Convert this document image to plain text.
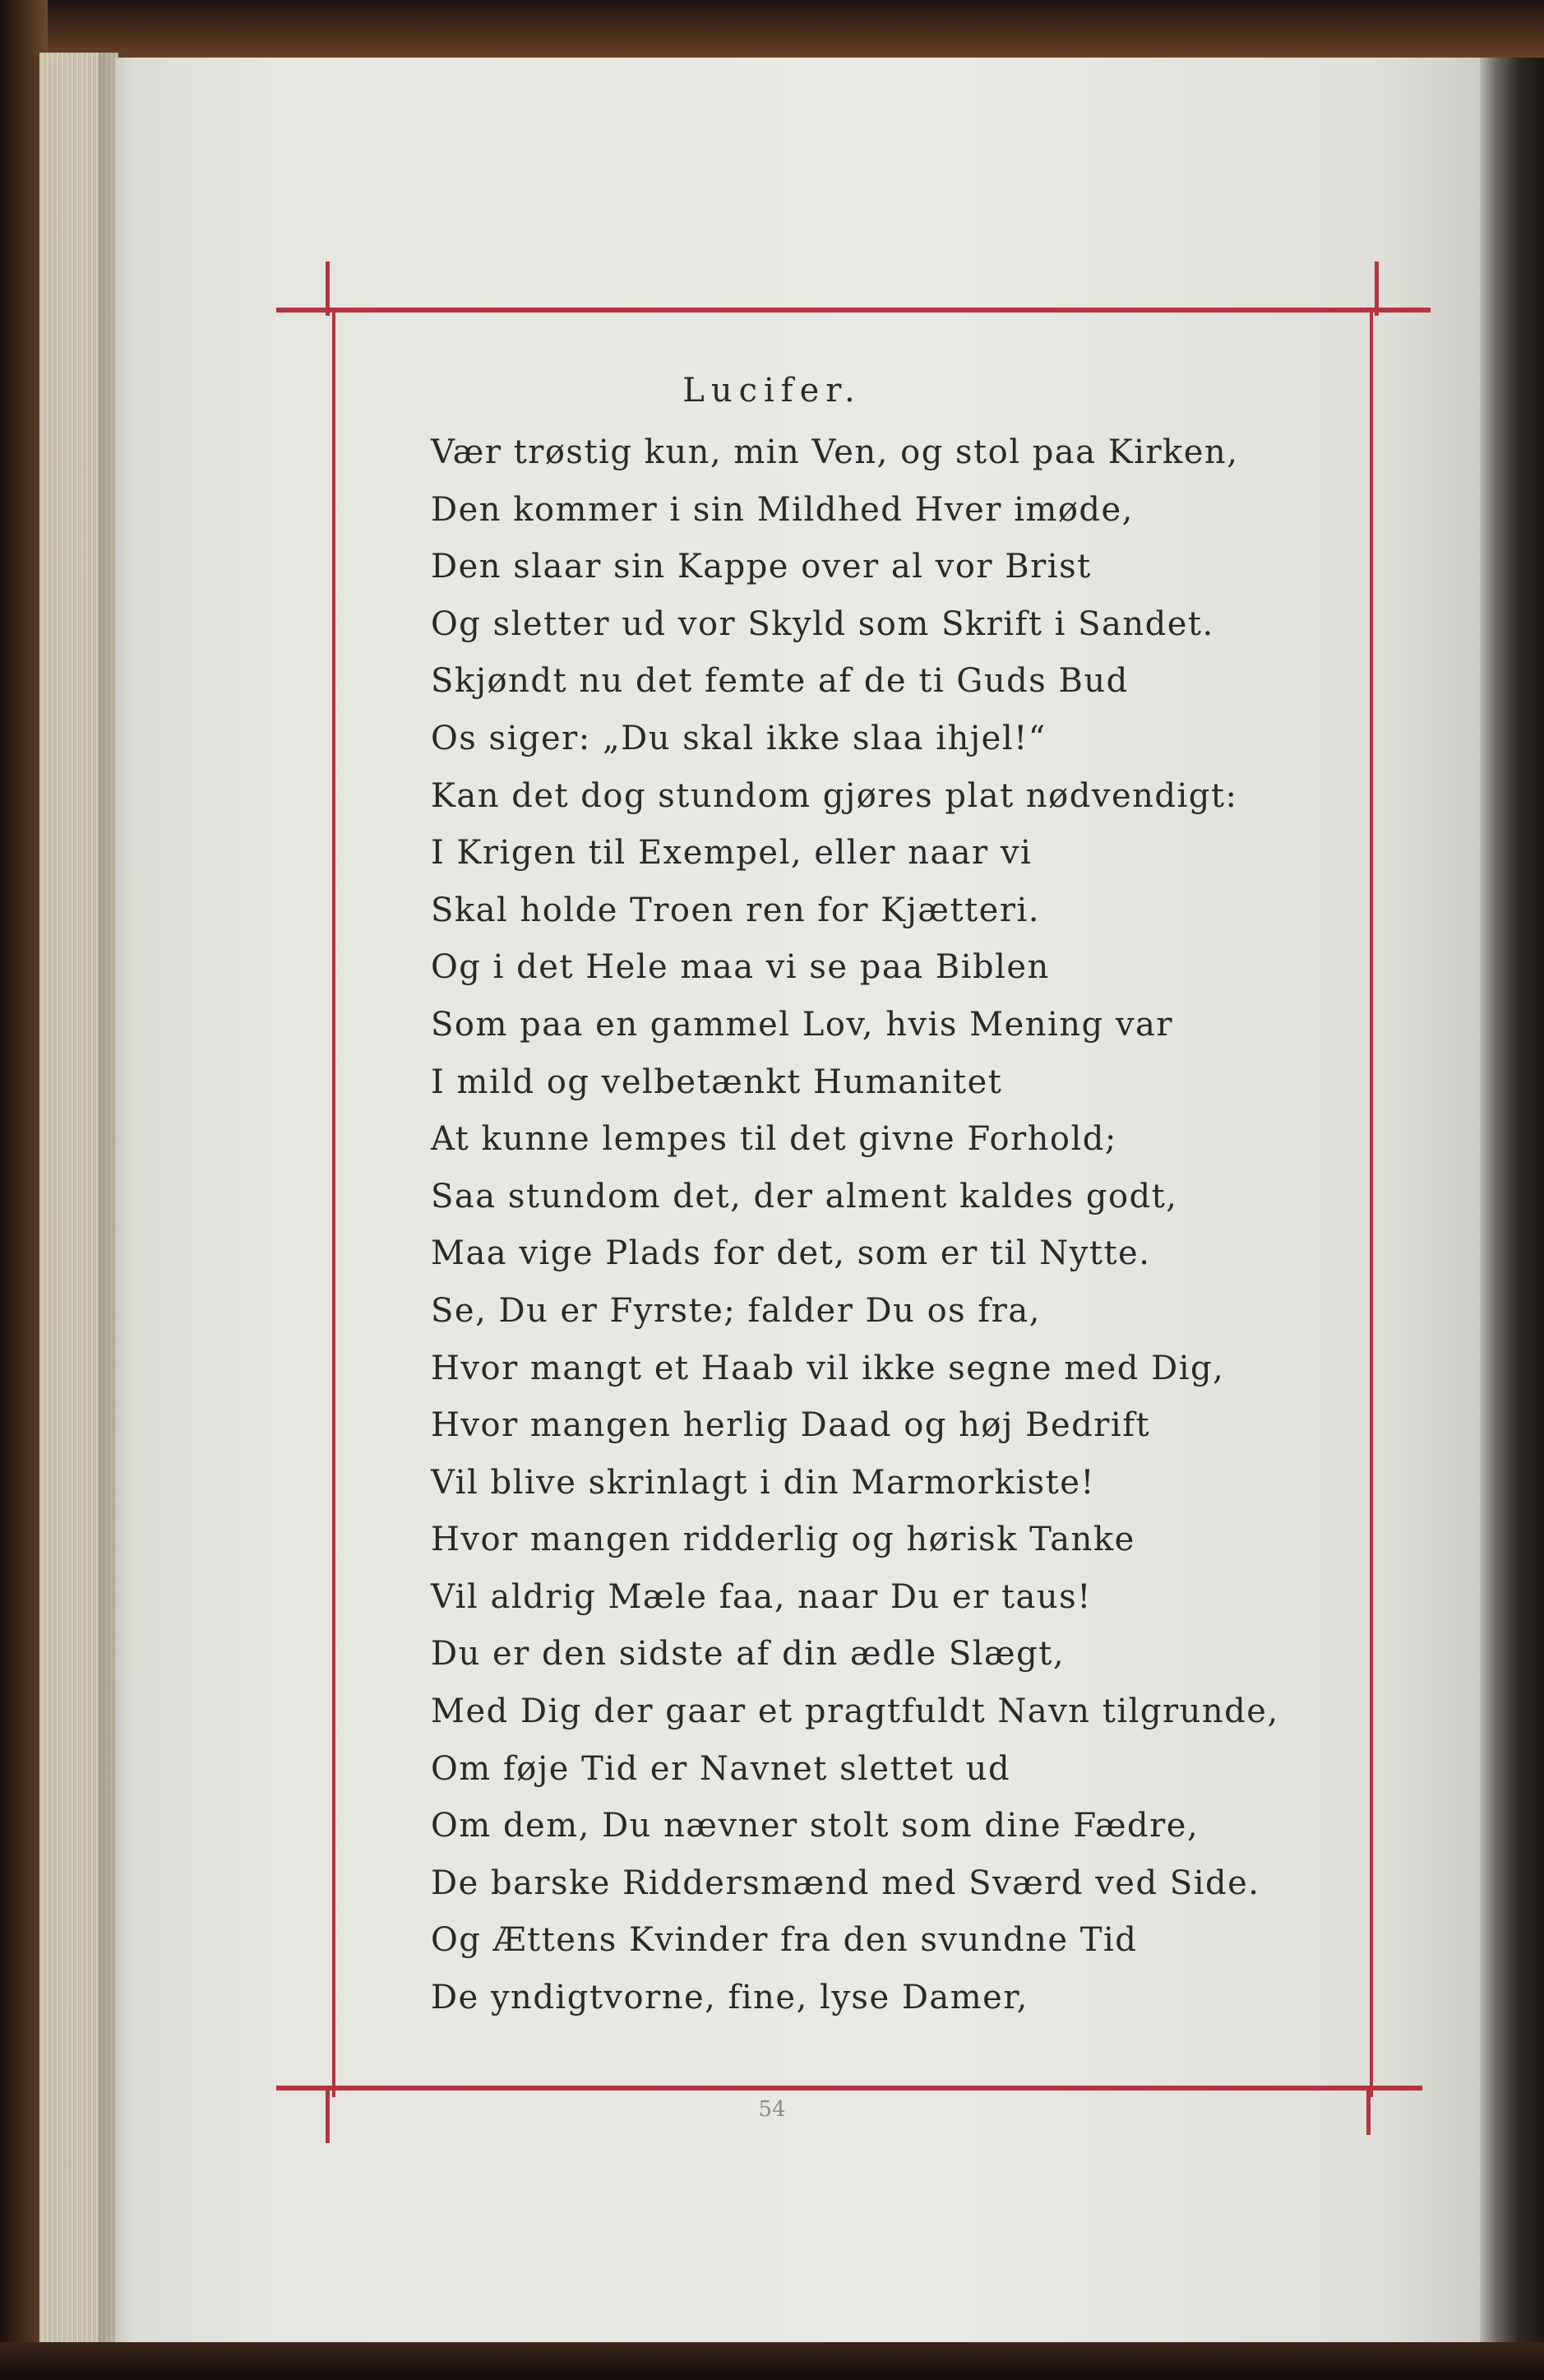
Lucifer.
Vær trøstig kun, min Ven, og stol paa Kirken,
Den kommer i sin Mildhed Hver imøde,
Den slaar sin Kappe over al vor Brist
Og sletter ud vor Skyld som Skrift i Sandet.
Skjøndt nu det femte af de ti Guds Bud
Os siger: „Du skal ikke slaa ihjel!“
Kan det dog stundom gjøres plat nødvendigt:
I Krigen til Exempel, eller naar vi
Skal holde Troen ren for Kjætteri.
Og i det Hele maa vi se paa Biblen
Som paa en gammel Lov, hvis Mening var
I mild og velbetænkt Humanitet
At kunne lempes til det givne Forhold;
Saa stundom det, der alment kaldes godt,
Maa vige Plads for det, som er til Nytte.
Se, Du er Fyrste; falder Du os fra,
Hvor mangt et Haab vil ikke segne med Dig,
Hvor mangen herlig Daad og høj Bedrift
Vil blive skrinlagt i din Marmorkiste!
Hvor mangen ridderlig og hørisk Tanke
Vil aldrig Mæle faa, naar Du er taus!
Du er den sidste af din ædle Slægt,
Med Dig der gaar et pragtfuldt Navn tilgrunde,
Om føje Tid er Navnet slettet ud
Om dem, Du nævner stolt som dine Fædre,
De barske Riddersmænd med Sværd ved Side.
Og Ættens Kvinder fra den svundne Tid
De yndigtvorne, fine, lyse Damer,
54
